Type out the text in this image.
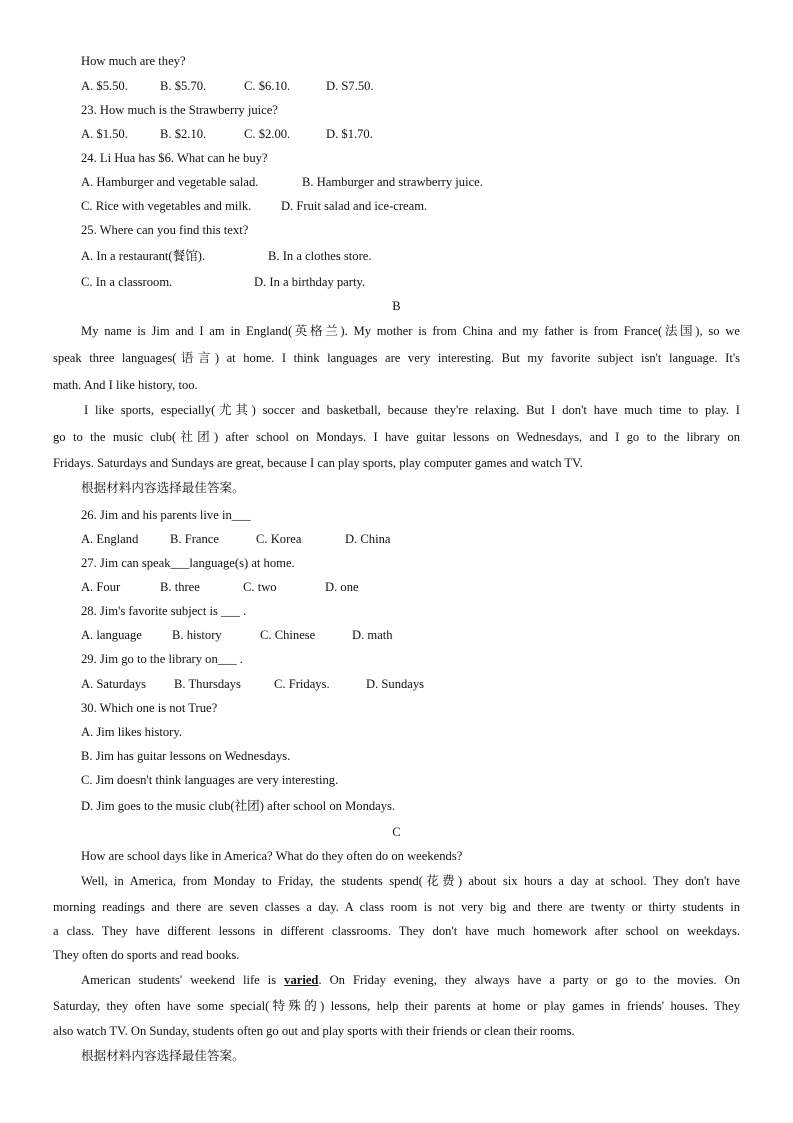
How much are they?
A. $5.50.	B. $5.70.	C. $6.10.	D. S7.50.
23. How much is the Strawberry juice?
A. $1.50.	B. $2.10.	C. $2.00.	D. $1.70.
24. Li Hua has $6. What can he buy?
A. Hamburger and vegetable salad.	B. Hamburger and strawberry juice.
C. Rice with vegetables and milk. D. Fruit salad and ice-cream.
25. Where can you find this text?
A. In a restaurant(餐馆).	B. In a clothes store.
C. In a classroom.	D. In a birthday party.
B
My name is Jim and I am in England(英格兰). My mother is from China and my father is from France(法国), so we
speak three languages(语言) at home. I think languages are very interesting. But my favorite subject isn't language. It's
math. And I like history, too.
I like sports, especially(尤其) soccer and basketball, because they're relaxing. But I don't have much time to play. I
go to the music club(社团) after school on Mondays. I have guitar lessons on Wednesdays, and I go to the library on
Fridays. Saturdays and Sundays are great, because I can play sports, play computer games and watch TV.
根据材料内容选择最佳答案。
26. Jim and his parents live in___
A. England	B. France	C. Korea	D. China
27. Jim can speak___language(s) at home.
A. Four	B. three	C. two	D. one
28. Jim's favorite subject is ___ .
A. language B. history	C. Chinese	D. math
29. Jim go to the library on___ .
A. Saturdays B. Thursdays	C. Fridays.	D. Sundays
30. Which one is not True?
A. Jim likes history.
B. Jim has guitar lessons on Wednesdays.
C. Jim doesn't think languages are very interesting.
D. Jim goes to the music club(社团) after school on Mondays.
C
How are school days like in America? What do they often do on weekends?
Well, in America, from Monday to Friday, the students spend(花费) about six hours a day at school. They don't have
morning readings and there are seven classes a day. A class room is not very big and there are twenty or thirty students in
a class. They have different lessons in different classrooms. They don't have much homework after school on weekdays.
They often do sports and read books.
American students' weekend life is varied. On Friday evening, they always have a party or go to the movies. On
Saturday, they often have some special(特殊的) lessons, help their parents at home or play games in friends' houses. They
also watch TV. On Sunday, students often go out and play sports with their friends or clean their rooms.
根据材料内容选择最佳答案。
